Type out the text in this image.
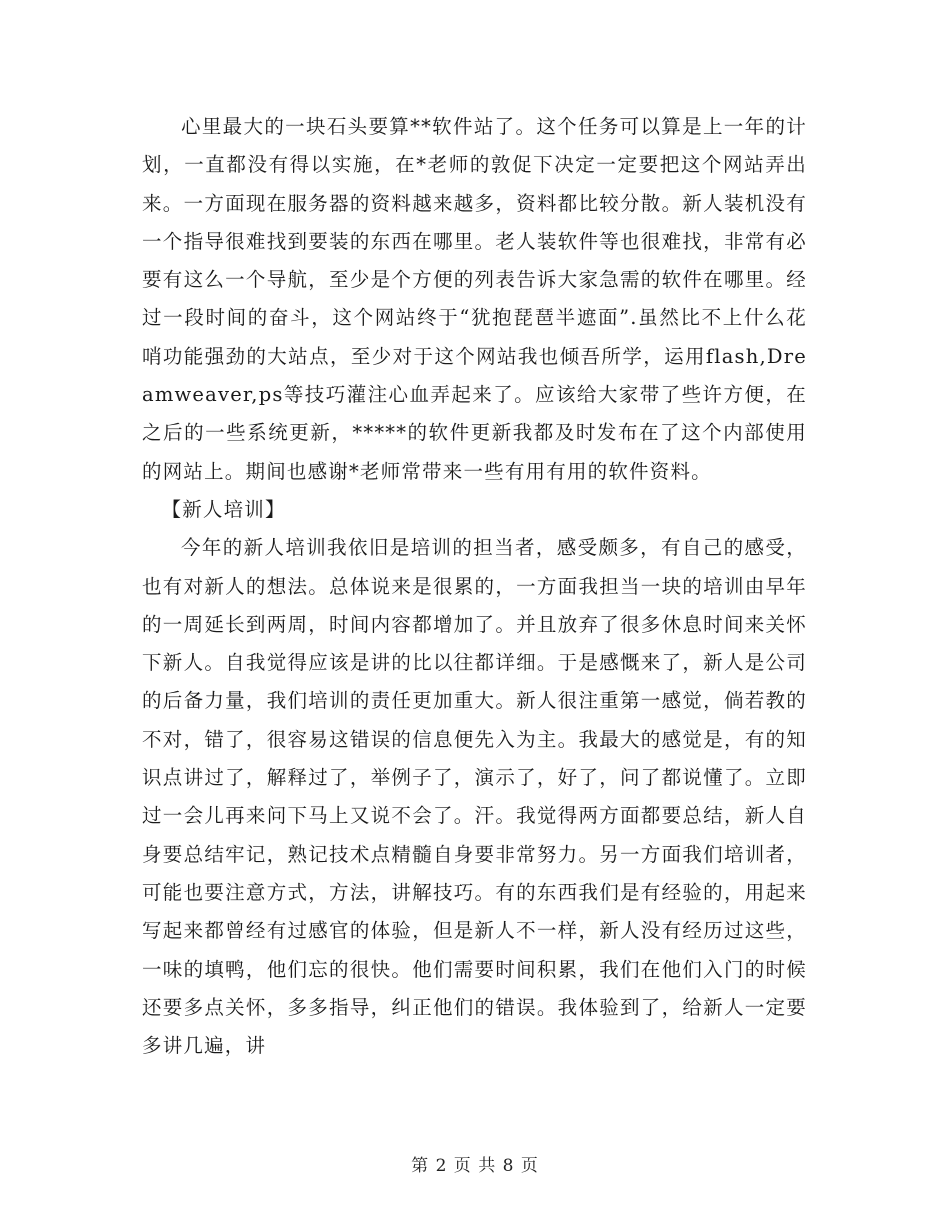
心里最大的一块石头要算**软件站了。这个任务可以算是上一年的计划，一直都没有得以实施，在*老师的敦促下决定一定要把这个网站弄出来。一方面现在服务器的资料越来越多，资料都比较分散。新人装机没有一个指导很难找到要装的东西在哪里。老人装软件等也很难找，非常有必要有这么一个导航，至少是个方便的列表告诉大家急需的软件在哪里。经过一段时间的奋斗，这个网站终于“犹抱琵琶半遮面”.虽然比不上什么花哨功能强劲的大站点，至少对于这个网站我也倾吾所学，运用flash,Dreamweaver,ps等技巧灌注心血弄起来了。应该给大家带了些许方便，在之后的一些系统更新，*****的软件更新我都及时发布在了这个内部使用的网站上。期间也感谢*老师常带来一些有用有用的软件资料。

【新人培训】

今年的新人培训我依旧是培训的担当者，感受颇多，有自己的感受，也有对新人的想法。总体说来是很累的，一方面我担当一块的培训由早年的一周延长到两周，时间内容都增加了。并且放弃了很多休息时间来关怀下新人。自我觉得应该是讲的比以往都详细。于是感慨来了，新人是公司的后备力量，我们培训的责任更加重大。新人很注重第一感觉，倘若教的不对，错了，很容易这错误的信息便先入为主。我最大的感觉是，有的知识点讲过了，解释过了，举例子了，演示了，好了，问了都说懂了。立即过一会儿再来问下马上又说不会了。汗。我觉得两方面都要总结，新人自身要总结牢记，熟记技术点精髓自身要非常努力。另一方面我们培训者，可能也要注意方式，方法，讲解技巧。有的东西我们是有经验的，用起来写起来都曾经有过感官的体验，但是新人不一样，新人没有经历过这些，一味的填鸭，他们忘的很快。他们需要时间积累，我们在他们入门的时候还要多点关怀，多多指导，纠正他们的错误。我体验到了，给新人一定要多讲几遍，讲

第 2 页 共 8 页
